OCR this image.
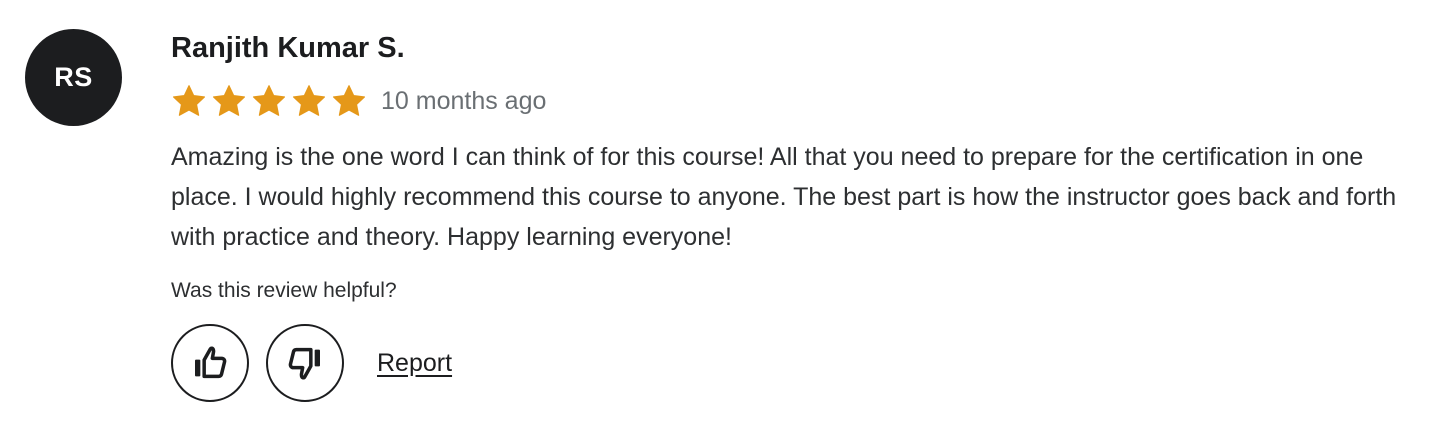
RS
Ranjith Kumar S.
10 months ago
Amazing is the one word I can think of for this course! All that you need to prepare for the certification in one place. I would highly recommend this course to anyone. The best part is how the instructor goes back and forth with practice and theory. Happy learning everyone!
Was this review helpful?
Report
